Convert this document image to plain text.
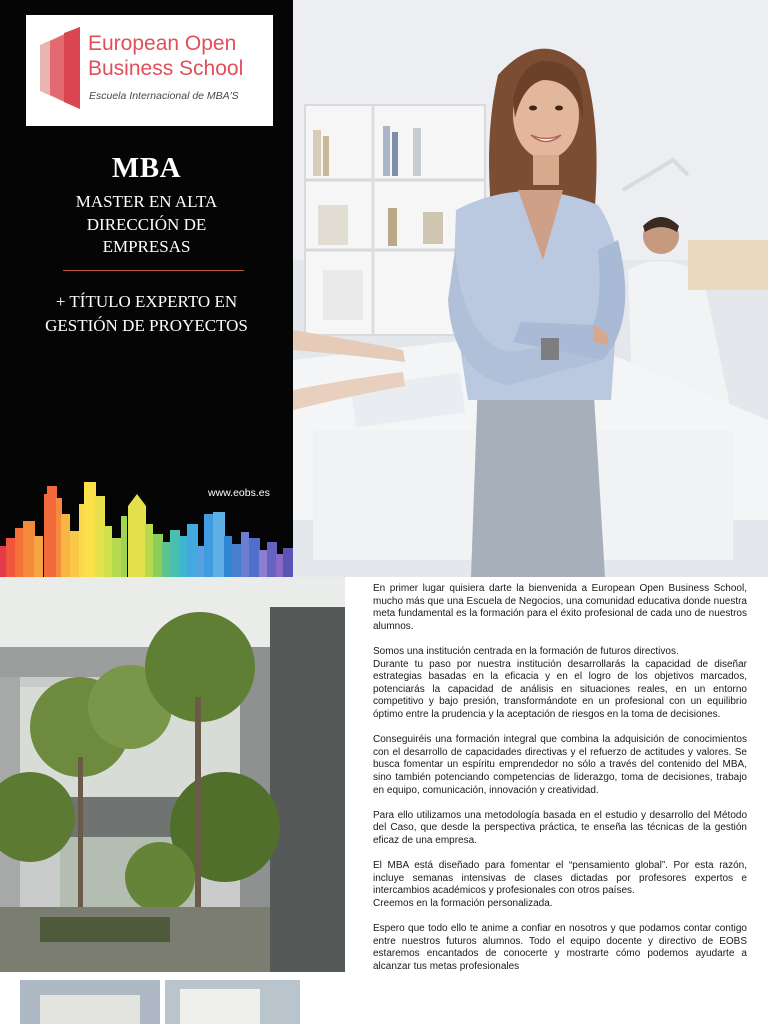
European Open
Business School
Escuela Internacional de MBA'S
MBA
MASTER EN ALTA
DIRECCIÓN DE
EMPRESAS
+ TÍTULO EXPERTO EN
GESTIÓN DE PROYECTOS
www.eobs.es

En primer lugar quisiera darte la bienvenida a European Open Business School, mucho más que una Escuela de Negocios, una comunidad educativa donde nuestra meta fundamental es la formación para el éxito profesional de cada uno de nuestros alumnos.

Somos una institución centrada en la formación de futuros directivos.
Durante tu paso por nuestra institución desarrollarás la capacidad de diseñar estrategias basadas en la eficacia y en el logro de los objetivos marcados, potenciarás la capacidad de análisis en situaciones reales, en un entorno competitivo y bajo presión, transformándote en un profesional con un equilibrio óptimo entre la prudencia y la aceptación de riesgos en la toma de decisiones.

Conseguiréis una formación integral que combina la adquisición de conocimientos con el desarrollo de capacidades directivas y el refuerzo de actitudes y valores. Se busca fomentar un espíritu emprendedor no sólo a través del contenido del MBA, sino también potenciando competencias de liderazgo, toma de decisiones, trabajo en equipo, comunicación, innovación y creatividad.

Para ello utilizamos una metodología basada en el estudio y desarrollo del Método del Caso, que desde la perspectiva práctica, te enseña las técnicas de la gestión eficaz de una empresa.

El MBA está diseñado para fomentar el “pensamiento global”. Por esta razón, incluye semanas intensivas de clases dictadas por profesores expertos e intercambios académicos y profesionales con otros países.
Creemos en la formación personalizada.

Espero que todo ello te anime a confiar en nosotros y que podamos contar contigo entre nuestros futuros alumnos. Todo el equipo docente y directivo de EOBS estaremos encantados de conocerte y mostrarte cómo podemos ayudarte a alcanzar tus metas profesionales
